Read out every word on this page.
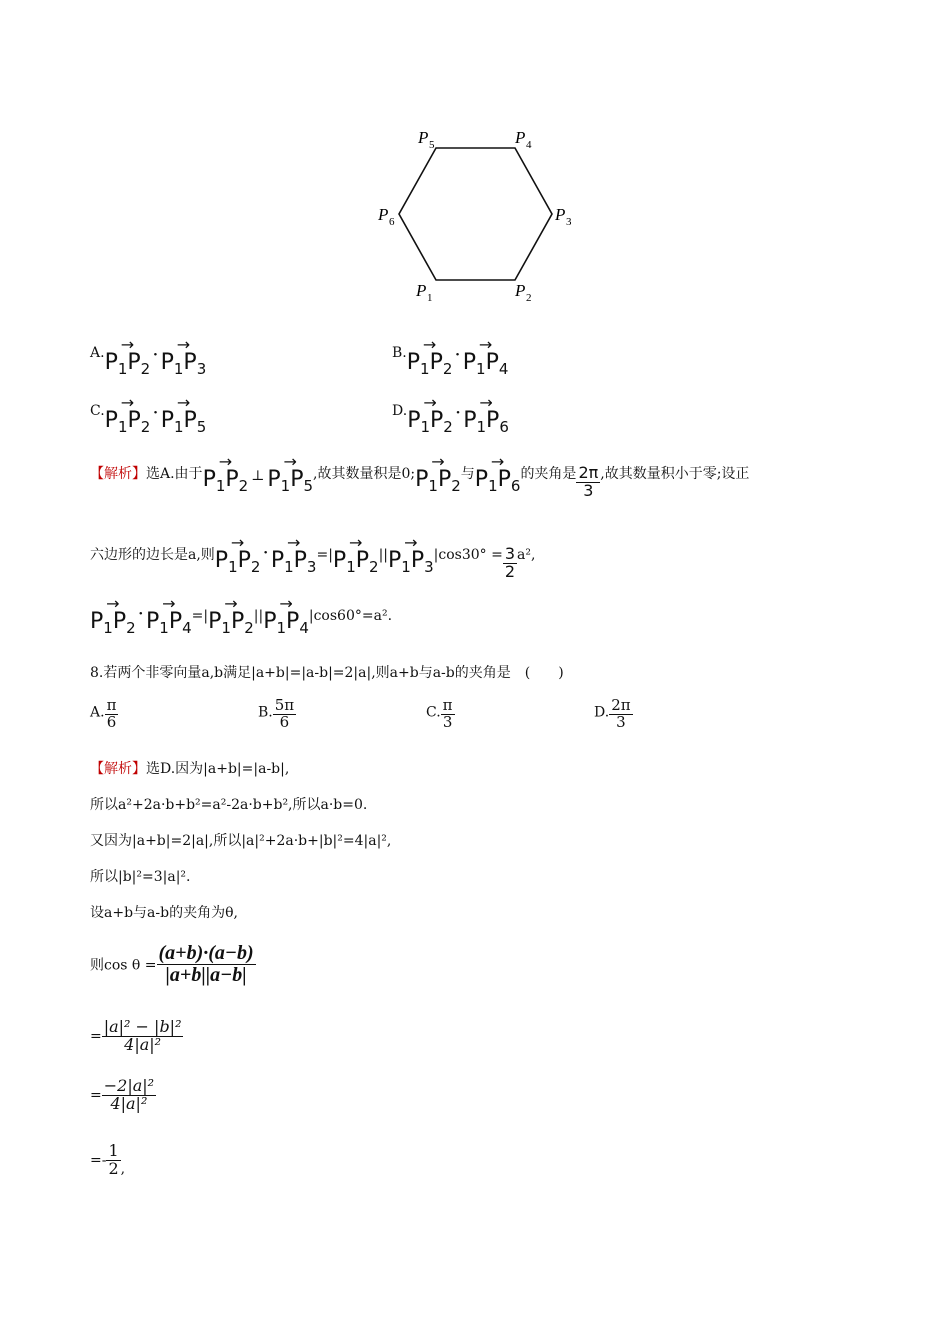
P 1	P 2
P 3
P 4
P 5
P 6
A.	→
$P_1P_2\cdot$	→
$P_1P_3$
B.	→
$P_1P_2\cdot$	→
$P_1P_4$
C.	→
$P_1P_2\cdot$	→
$P_1P_5$
D.	→
$P_1P_2\cdot$	→
$P_1P_6$
【解析】选A.由于
→
$P_1P_2\perp$
→
$P_1P_5$,故其数量积是0;
→
$P_1P_2$与
→
$P_1P_6$的夹角是 $\frac{2\pi}{3}$ ,故其数量积小于零;设正
六边形的边长是a,则
→
$P_1P_2\cdot$	→
$P_1P_3=|$
→
$P_1P_2||$
→
$P_1P_3|\cos 30^\circ = \frac{3}{2} a^2$,
→
$P_1P_2\cdot$	→
$P_1P_4=|$
→
$P_1P_2||$
→
$P_1P_4|\cos 60^\circ=a^2$.
8.若两个非零向量a,b满足|a+b|=|a-b|=2|a|,则a+b与a-b的夹角是　(　　)
A. $\frac{\pi}{6}$	B. $\frac{5\pi}{6}$	C. $\frac{\pi}{3}$	D. $\frac{2\pi}{3}$
【解析】选D.因为|a+b|=|a-b|,
所以a²+2a·b+b²=a²-2a·b+b²,所以a·b=0.
又因为|a+b|=2|a|,所以|a|²+2a·b+|b|²=4|a|²,
所以|b|²=3|a|².
设a+b与a-b的夹角为θ,
则$\cos \theta = \frac{(a+b)\cdot(a-b)}{|a+b||a-b|}$
= $\frac{\text{|a|² − |b|²}}{\text{4|a|²}}$
= $\frac{\text{−2|a|²}}{\text{4|a|²}}$
=- $\frac{1}{2}$ ,
